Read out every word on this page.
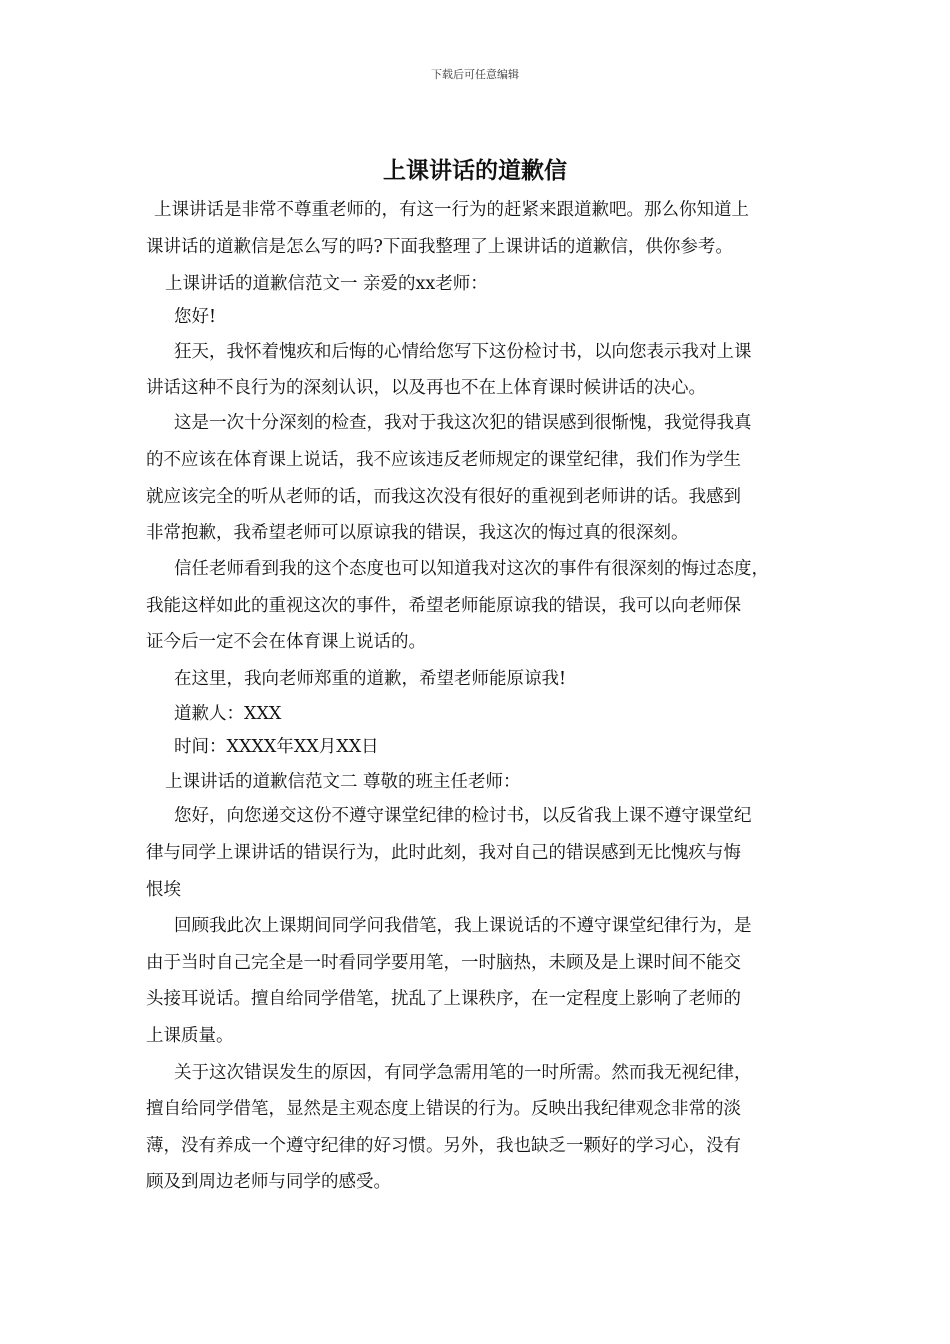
下载后可任意编辑
上课讲话的道歉信
上课讲话是非常不尊重老师的，有这一行为的赶紧来跟道歉吧。那么你知道上
课讲话的道歉信是怎么写的吗?下面我整理了上课讲话的道歉信，供你参考。
上课讲话的道歉信范文一 亲爱的xx老师：
您好!
狂天，我怀着愧疚和后悔的心情给您写下这份检讨书，以向您表示我对上课
讲话这种不良行为的深刻认识，以及再也不在上体育课时候讲话的决心。
这是一次十分深刻的检查，我对于我这次犯的错误感到很惭愧，我觉得我真
的不应该在体育课上说话，我不应该违反老师规定的课堂纪律，我们作为学生
就应该完全的听从老师的话，而我这次没有很好的重视到老师讲的话。我感到
非常抱歉，我希望老师可以原谅我的错误，我这次的悔过真的很深刻。
信任老师看到我的这个态度也可以知道我对这次的事件有很深刻的悔过态度，
我能这样如此的重视这次的事件，希望老师能原谅我的错误，我可以向老师保
证今后一定不会在体育课上说话的。
在这里，我向老师郑重的道歉，希望老师能原谅我!
道歉人：XXX
时间：XXXX年XX月XX日
上课讲话的道歉信范文二 尊敬的班主任老师：
您好，向您递交这份不遵守课堂纪律的检讨书，以反省我上课不遵守课堂纪
律与同学上课讲话的错误行为，此时此刻，我对自己的错误感到无比愧疚与悔
恨埃
回顾我此次上课期间同学问我借笔，我上课说话的不遵守课堂纪律行为，是
由于当时自己完全是一时看同学要用笔，一时脑热，未顾及是上课时间不能交
头接耳说话。擅自给同学借笔，扰乱了上课秩序，在一定程度上影响了老师的
上课质量。
关于这次错误发生的原因，有同学急需用笔的一时所需。然而我无视纪律，
擅自给同学借笔，显然是主观态度上错误的行为。反映出我纪律观念非常的淡
薄，没有养成一个遵守纪律的好习惯。另外，我也缺乏一颗好的学习心，没有
顾及到周边老师与同学的感受。
